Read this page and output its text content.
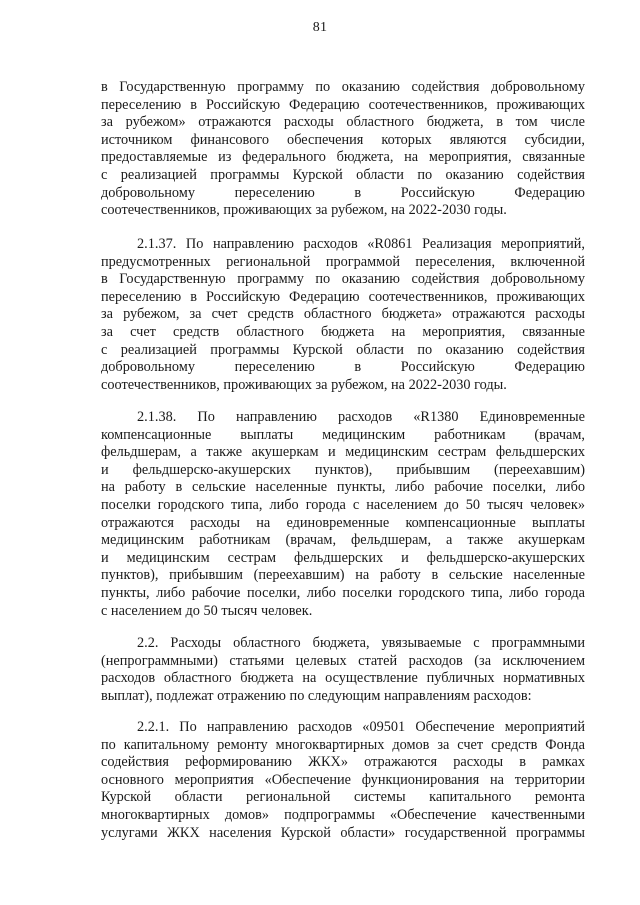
81
в Государственную программу по оказанию содействия добровольному
переселению в Российскую Федерацию соотечественников, проживающих
за рубежом» отражаются расходы областного бюджета, в том числе
источником финансового обеспечения которых являются субсидии,
предоставляемые из федерального бюджета, на мероприятия, связанные
с реализацией программы Курской области по оказанию содействия
добровольному переселению в Российскую Федерацию
соотечественников, проживающих за рубежом, на 2022-2030 годы.
2.1.37. По направлению расходов «R0861 Реализация мероприятий,
предусмотренных региональной программой переселения, включенной
в Государственную программу по оказанию содействия добровольному
переселению в Российскую Федерацию соотечественников, проживающих
за рубежом, за счет средств областного бюджета» отражаются расходы
за счет средств областного бюджета на мероприятия, связанные
с реализацией программы Курской области по оказанию содействия
добровольному переселению в Российскую Федерацию
соотечественников, проживающих за рубежом, на 2022-2030 годы.
2.1.38. По направлению расходов «R1380 Единовременные
компенсационные выплаты медицинским работникам (врачам,
фельдшерам, а также акушеркам и медицинским сестрам фельдшерских
и фельдшерско-акушерских пунктов), прибывшим (переехавшим)
на работу в сельские населенные пункты, либо рабочие поселки, либо
поселки городского типа, либо города с населением до 50 тысяч человек»
отражаются расходы на единовременные компенсационные выплаты
медицинским работникам (врачам, фельдшерам, а также акушеркам
и медицинским сестрам фельдшерских и фельдшерско-акушерских
пунктов), прибывшим (переехавшим) на работу в сельские населенные
пункты, либо рабочие поселки, либо поселки городского типа, либо города
с населением до 50 тысяч человек.
2.2. Расходы областного бюджета, увязываемые с программными
(непрограммными) статьями целевых статей расходов (за исключением
расходов областного бюджета на осуществление публичных нормативных
выплат), подлежат отражению по следующим направлениям расходов:
2.2.1. По направлению расходов «09501 Обеспечение мероприятий
по капитальному ремонту многоквартирных домов за счет средств Фонда
содействия реформированию ЖКХ» отражаются расходы в рамках
основного мероприятия «Обеспечение функционирования на территории
Курской области региональной системы капитального ремонта
многоквартирных домов» подпрограммы «Обеспечение качественными
услугами ЖКХ населения Курской области» государственной программы
